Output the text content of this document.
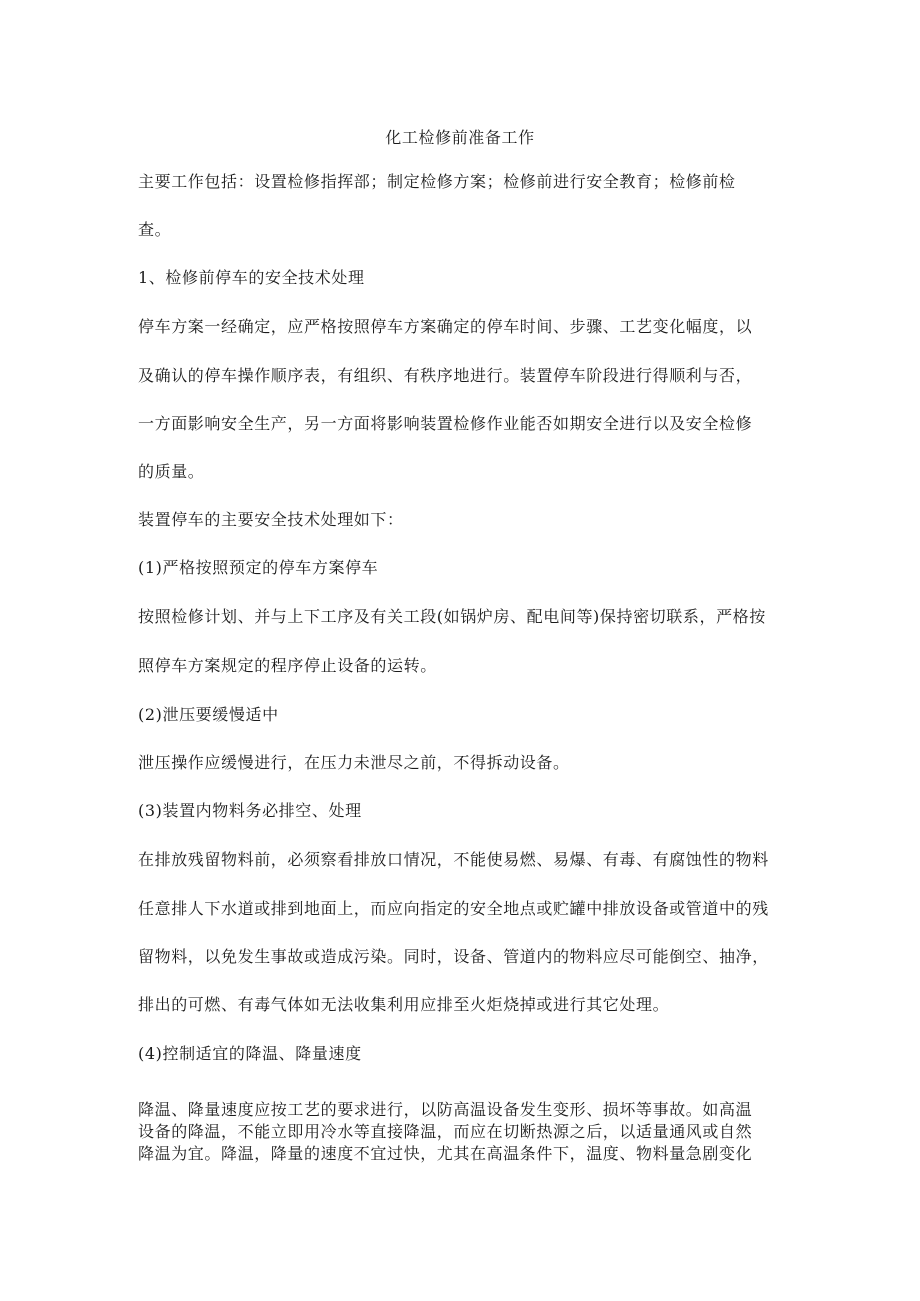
化工检修前准备工作
主要工作包括：设置检修指挥部；制定检修方案；检修前进行安全教育；检修前检
查。
1、检修前停车的安全技术处理
停车方案一经确定，应严格按照停车方案确定的停车时间、步骤、工艺变化幅度，以
及确认的停车操作顺序表，有组织、有秩序地进行。装置停车阶段进行得顺利与否，
一方面影响安全生产，另一方面将影响装置检修作业能否如期安全进行以及安全检修
的质量。
装置停车的主要安全技术处理如下：
(1)严格按照预定的停车方案停车
按照检修计划、并与上下工序及有关工段(如锅炉房、配电间等)保持密切联系，严格按
照停车方案规定的程序停止设备的运转。
(2)泄压要缓慢适中
泄压操作应缓慢进行，在压力未泄尽之前，不得拆动设备。
(3)装置内物料务必排空、处理
在排放残留物料前，必须察看排放口情况，不能使易燃、易爆、有毒、有腐蚀性的物料
任意排人下水道或排到地面上，而应向指定的安全地点或贮罐中排放设备或管道中的残
留物料，以免发生事故或造成污染。同时，设备、管道内的物料应尽可能倒空、抽净，
排出的可燃、有毒气体如无法收集利用应排至火炬烧掉或进行其它处理。
(4)控制适宜的降温、降量速度
降温、降量速度应按工艺的要求进行，以防高温设备发生变形、损坏等事故。如高温
设备的降温，不能立即用冷水等直接降温，而应在切断热源之后，以适量通风或自然
降温为宜。降温，降量的速度不宜过快，尤其在高温条件下，温度、物料量急剧变化
